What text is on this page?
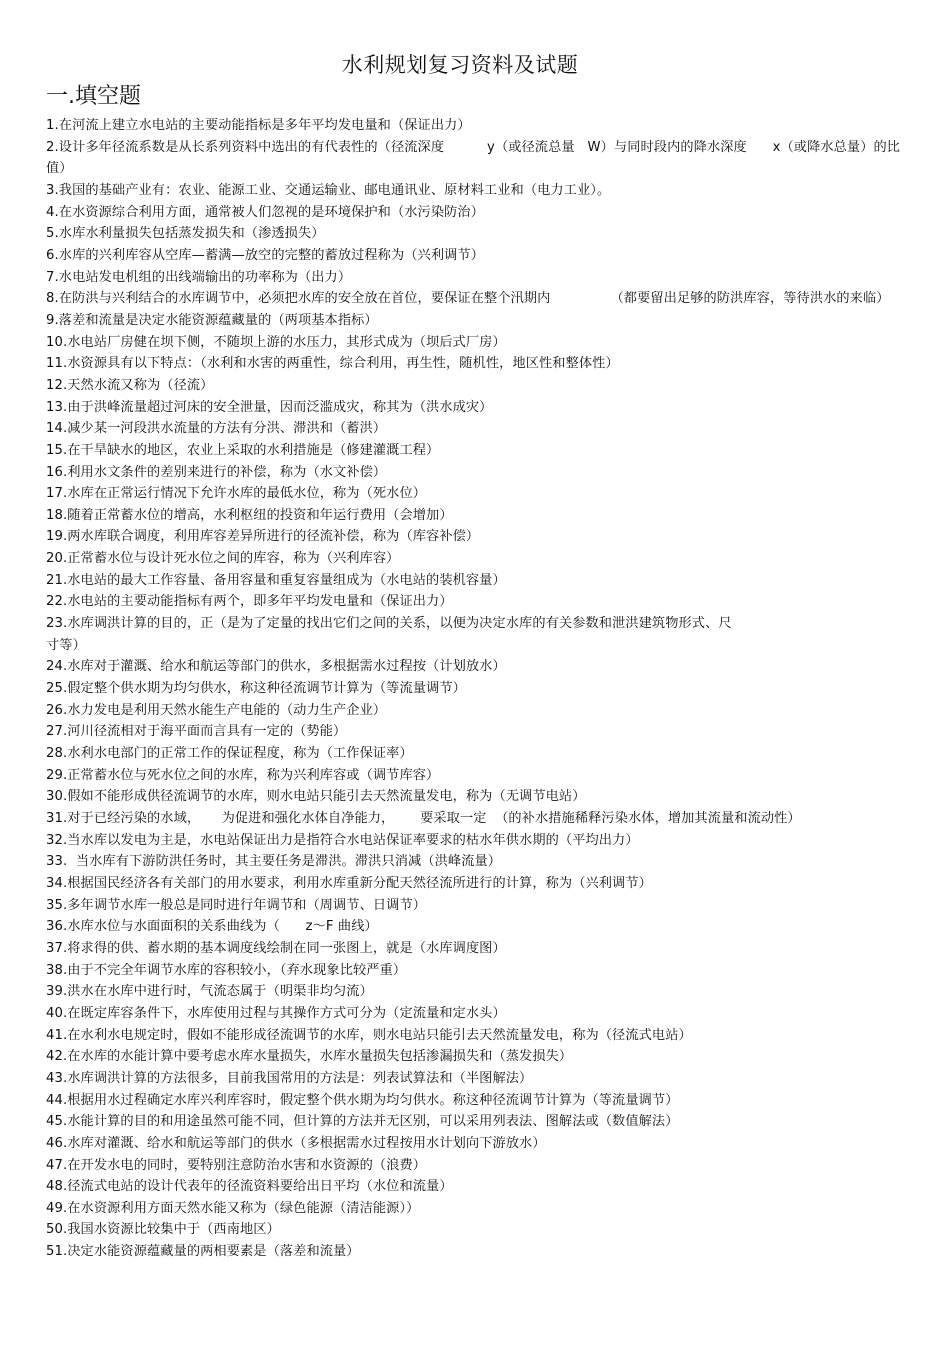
水利规划复习资料及试题
一.填空题
1.在河流上建立水电站的主要动能指标是多年平均发电量和（保证出力）
2.设计多年径流系数是从长系列资料中选出的有代表性的（径流深度          y（或径流总量   W）与同时段内的降水深度      x（或降水总量）的比值）
3.我国的基础产业有：农业、能源工业、交通运输业、邮电通讯业、原材料工业和（电力工业）。
4.在水资源综合利用方面，通常被人们忽视的是环境保护和（水污染防治）
5.水库水利量损失包括蒸发损失和（渗透损失）
6.水库的兴利库容从空库—蓄满—放空的完整的蓄放过程称为（兴利调节）
7.水电站发电机组的出线端输出的功率称为（出力）
8.在防洪与兴利结合的水库调节中，必须把水库的安全放在首位，要保证在整个汛期内              （都要留出足够的防洪库容，等待洪水的来临）
9.落差和流量是决定水能资源蕴藏量的（两项基本指标）
10.水电站厂房健在坝下侧，不随坝上游的水压力，其形式成为（坝后式厂房）
11.水资源具有以下特点：（水利和水害的两重性，综合利用，再生性，随机性，地区性和整体性）
12.天然水流又称为（径流）
13.由于洪峰流量超过河床的安全泄量，因而泛滥成灾，称其为（洪水成灾）
14.减少某一河段洪水流量的方法有分洪、滞洪和（蓄洪）
15.在干旱缺水的地区，农业上采取的水利措施是（修建灌溉工程）
16.利用水文条件的差别来进行的补偿，称为（水文补偿）
17.水库在正常运行情况下允许水库的最低水位，称为（死水位）
18.随着正常蓄水位的增高，水利枢纽的投资和年运行费用（会增加）
19.两水库联合调度，利用库容差异所进行的径流补偿，称为（库容补偿）
20.正常蓄水位与设计死水位之间的库容，称为（兴利库容）
21.水电站的最大工作容量、备用容量和重复容量组成为（水电站的装机容量）
22.水电站的主要动能指标有两个，即多年平均发电量和（保证出力）
23.水库调洪计算的目的，正（是为了定量的找出它们之间的关系，以便为决定水库的有关参数和泄洪建筑物形式、尺
寸等）
24.水库对于灌溉、给水和航运等部门的供水，多根据需水过程按（计划放水）
25.假定整个供水期为均匀供水，称这种径流调节计算为（等流量调节）
26.水力发电是利用天然水能生产电能的（动力生产企业）
27.河川径流相对于海平面而言具有一定的（势能）
28.水利水电部门的正常工作的保证程度，称为（工作保证率）
29.正常蓄水位与死水位之间的水库，称为兴利库容或（调节库容）
30.假如不能形成供径流调节的水库，则水电站只能引去天然流量发电，称为（无调节电站）
31.对于已经污染的水域，     为促进和强化水体自净能力，      要采取一定  （的补水措施稀释污染水体，增加其流量和流动性）
32.当水库以发电为主是，水电站保证出力是指符合水电站保证率要求的枯水年供水期的（平均出力）
33.  当水库有下游防洪任务时，其主要任务是滞洪。滞洪只消减（洪峰流量）
34.根据国民经济各有关部门的用水要求，利用水库重新分配天然径流所进行的计算，称为（兴利调节）
35.多年调节水库一般总是同时进行年调节和（周调节、日调节）
36.水库水位与水面面积的关系曲线为（      z～F 曲线）
37.将求得的供、蓄水期的基本调度线绘制在同一张图上，就是（水库调度图）
38.由于不完全年调节水库的容积较小，（弃水现象比较严重）
39.洪水在水库中进行时，气流态属于（明渠非均匀流）
40.在既定库容条件下，水库使用过程与其操作方式可分为（定流量和定水头）
41.在水利水电规定时，假如不能形成径流调节的水库，则水电站只能引去天然流量发电，称为（径流式电站）
42.在水库的水能计算中要考虑水库水量损失，水库水量损失包括渗漏损失和（蒸发损失）
43.水库调洪计算的方法很多，目前我国常用的方法是：列表试算法和（半图解法）
44.根据用水过程确定水库兴利库容时，假定整个供水期为均匀供水。称这种径流调节计算为（等流量调节）
45.水能计算的目的和用途虽然可能不同，但计算的方法并无区别，可以采用列表法、图解法或（数值解法）
46.水库对灌溉、给水和航运等部门的供水（多根据需水过程按用水计划向下游放水）
47.在开发水电的同时，要特别注意防治水害和水资源的（浪费）
48.径流式电站的设计代表年的径流资料要给出日平均（水位和流量）
49.在水资源利用方面天然水能又称为（绿色能源（清洁能源））
50.我国水资源比较集中于（西南地区）
51.决定水能资源蕴藏量的两相要素是（落差和流量）
